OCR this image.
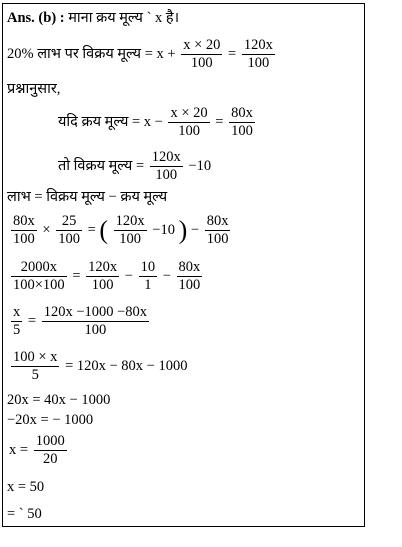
Ans. (b) : माना क्रय मूल्य ` x है।
20% लाभ पर विक्रय मूल्य = $x + \frac{x \times 20}{100} = \frac{120x}{100}$
प्रश्नानुसार,
यदि क्रय मूल्य = $x - \frac{x \times 20}{100} = \frac{80x}{100}$
तो विक्रय मूल्य = $\frac{120x}{100} -10$
लाभ = विक्रय मूल्य − क्रय मूल्य
$\frac{80x}{100} \times \frac{25}{100}$ = ( $\frac{120x}{100} -10$ ) − $\frac{80x}{100}$
$\frac{2000x}{100\times 100} = \frac{120x}{100} - \frac{10}{1} - \frac{80x}{100}$
$\frac{x}{5} = \frac{120x -1000 -80x}{100}$
$\frac{100 \times x}{5} = 120x - 80x - 1000$
20x = 40x − 1000
−20x = − 1000
$x = \frac{1000}{20}$
x = 50
= ` 50
